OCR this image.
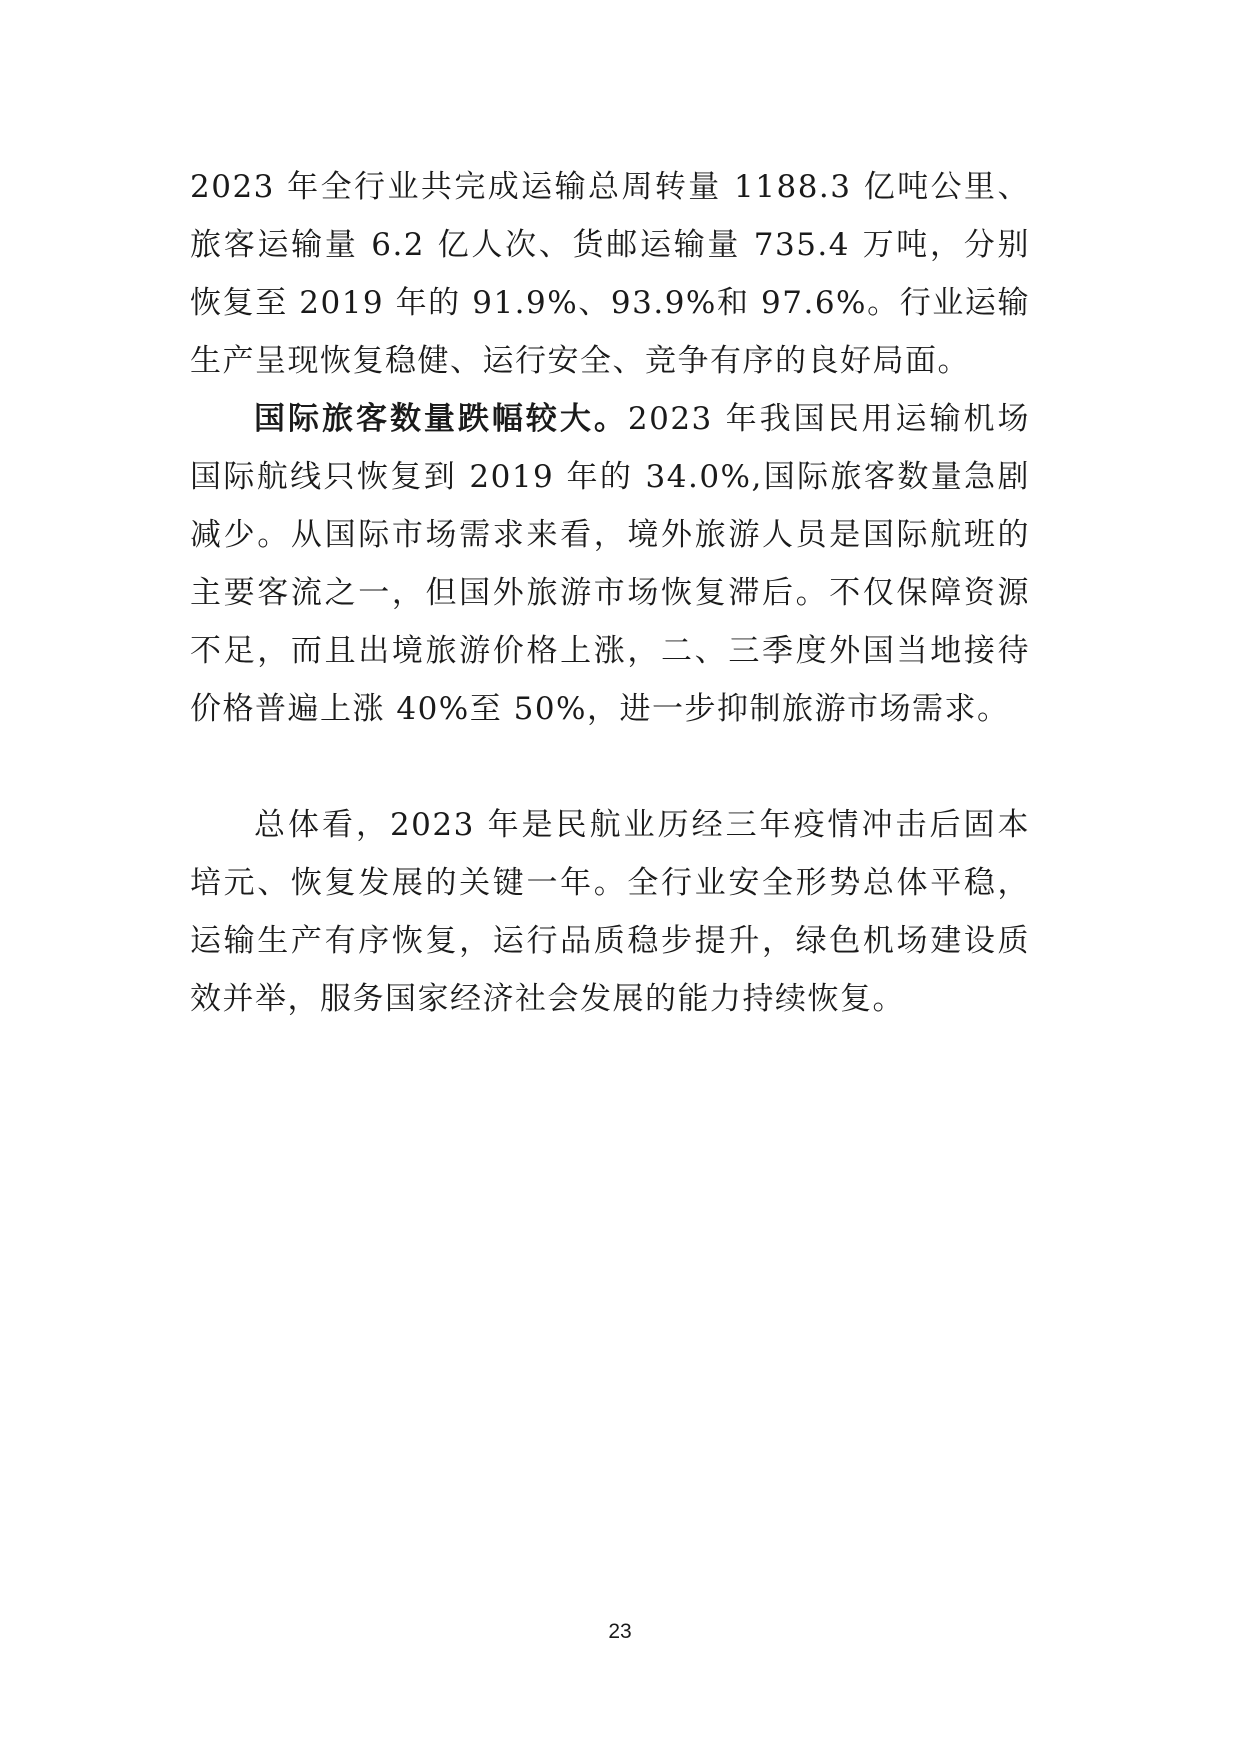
2023 年全行业共完成运输总周转量 1188.3 亿吨公里、旅客运输量 6.2 亿人次、货邮运输量 735.4 万吨，分别恢复至 2019 年的 91.9%、93.9%和 97.6%。行业运输生产呈现恢复稳健、运行安全、竞争有序的良好局面。

国际旅客数量跌幅较大。2023 年我国民用运输机场国际航线只恢复到 2019 年的 34.0%,国际旅客数量急剧减少。从国际市场需求来看，境外旅游人员是国际航班的主要客流之一，但国外旅游市场恢复滞后。不仅保障资源不足，而且出境旅游价格上涨，二、三季度外国当地接待价格普遍上涨 40%至 50%，进一步抑制旅游市场需求。

总体看，2023 年是民航业历经三年疫情冲击后固本培元、恢复发展的关键一年。全行业安全形势总体平稳，运输生产有序恢复，运行品质稳步提升，绿色机场建设质效并举，服务国家经济社会发展的能力持续恢复。

23
